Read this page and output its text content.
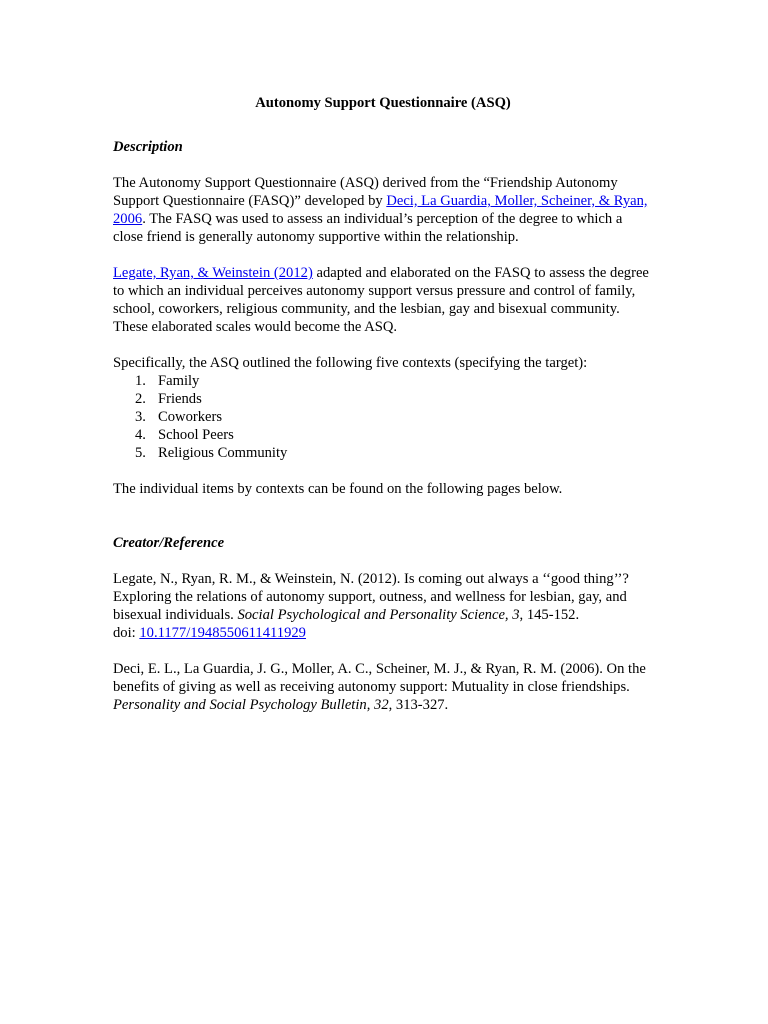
Autonomy Support Questionnaire (ASQ)

Description

The Autonomy Support Questionnaire (ASQ) derived from the “Friendship Autonomy Support Questionnaire (FASQ)” developed by Deci, La Guardia, Moller, Scheiner, & Ryan, 2006. The FASQ was used to assess an individual’s perception of the degree to which a close friend is generally autonomy supportive within the relationship.

Legate, Ryan, & Weinstein (2012) adapted and elaborated on the FASQ to assess the degree to which an individual perceives autonomy support versus pressure and control of family, school, coworkers, religious community, and the lesbian, gay and bisexual community. These elaborated scales would become the ASQ.

Specifically, the ASQ outlined the following five contexts (specifying the target):

1. Family
2. Friends
3. Coworkers
4. School Peers
5. Religious Community

The individual items by contexts can be found on the following pages below.

Creator/Reference

Legate, N., Ryan, R. M., & Weinstein, N. (2012). Is coming out always a ‘‘good thing’’? Exploring the relations of autonomy support, outness, and wellness for lesbian, gay, and bisexual individuals. Social Psychological and Personality Science, 3, 145-152.
doi: 10.1177/1948550611411929

Deci, E. L., La Guardia, J. G., Moller, A. C., Scheiner, M. J., & Ryan, R. M. (2006). On the benefits of giving as well as receiving autonomy support: Mutuality in close friendships. Personality and Social Psychology Bulletin, 32, 313-327.
